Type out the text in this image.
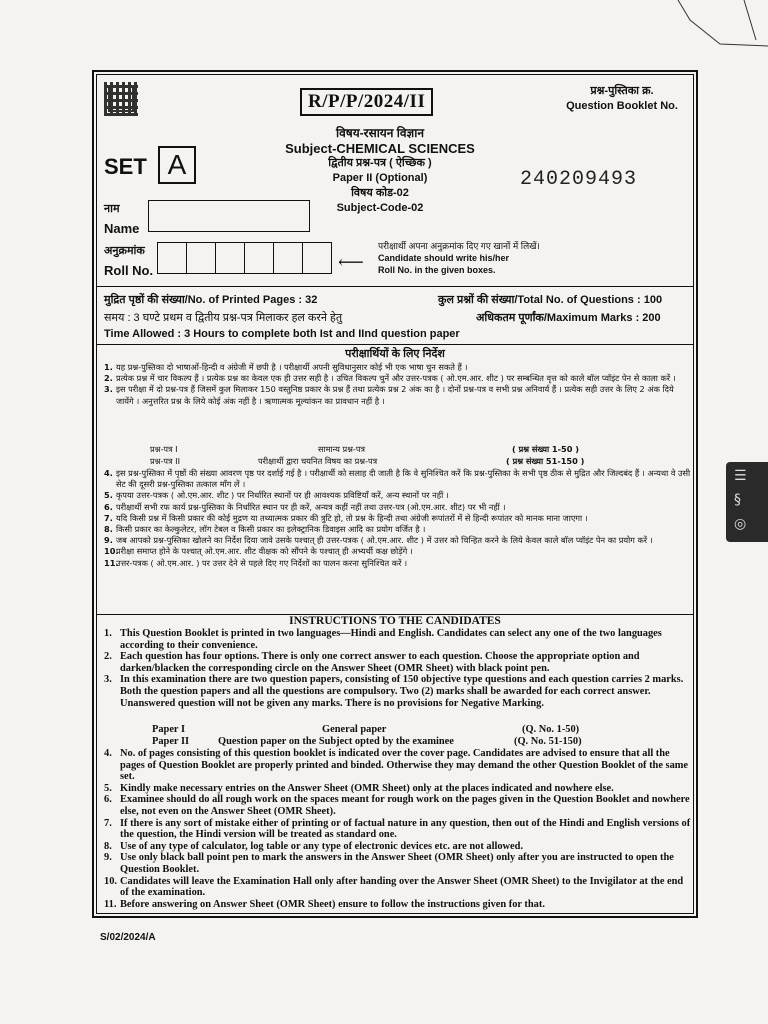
R/P/P/2024/II	प्रश्न-पुस्तिका क्र.
Question Booklet No.
विषय-रसायन विज्ञान
Subject-CHEMICAL SCIENCES
द्वितीय प्रश्न-पत्र ( ऐच्छिक )
Paper II (Optional)
विषय कोड-02
Subject-Code-02
SET A	240209493
नाम
Name
अनुक्रमांक
Roll No.	⟵
परीक्षार्थी अपना अनुक्रमांक दिए गए खानों में लिखें।
Candidate should write his/her
Roll No. in the given boxes.
मुद्रित पृष्ठों की संख्या/No. of Printed Pages : 32	कुल प्रश्नों की संख्या/Total No. of Questions : 100
समय : 3 घण्टे प्रथम व द्वितीय प्रश्न-पत्र मिलाकर हल करने हेतु	अधिकतम पूर्णांक/Maximum Marks : 200
Time Allowed : 3 Hours to complete both Ist and IInd question paper
परीक्षार्थियों के लिए निर्देश
1. यह प्रश्न-पुस्तिका दो भाषाओं-हिन्दी व अंग्रेजी में छपी है । परीक्षार्थी अपनी सुविधानुसार कोई भी एक भाषा चुन सकते हैं ।
2. प्रत्येक प्रश्न में चार विकल्प हैं । प्रत्येक प्रश्न का केवल एक ही उत्तर सही है । उचित विकल्प चुनें और उत्तर-पत्रक ( ओ.एम.आर. शीट ) पर सम्बन्धित वृत्त को काले बॉल प्वॉइंट पेन से काला करें ।
3. इस परीक्षा में दो प्रश्न-पत्र हैं जिसमें कुल मिलाकर 150 वस्तुनिष्ठ प्रकार के प्रश्न हैं तथा प्रत्येक प्रश्न 2 अंक का है । दोनों प्रश्न-पत्र व सभी प्रश्न अनिवार्य हैं । प्रत्येक सही उत्तर के लिए 2 अंक दिये जायेंगे । अनुत्तरित प्रश्न के लिये कोई अंक नहीं है । ऋणात्मक मूल्यांकन का प्रावधान नहीं है ।
प्रश्न-पत्र I	सामान्य प्रश्न-पत्र	( प्रश्न संख्या 1-50 )
प्रश्न-पत्र II	परीक्षार्थी द्वारा चयनित विषय का प्रश्न-पत्र	( प्रश्न संख्या 51-150 )
4. इस प्रश्न-पुस्तिका में पृष्ठों की संख्या आवरण पृष्ठ पर दर्शाई गई है । परीक्षार्थी को सलाह दी जाती है कि वे सुनिश्चित करें कि प्रश्न-पुस्तिका के सभी पृष्ठ ठीक से मुद्रित और जिल्दबंद हैं । अन्यथा वे उसी सेट की दूसरी प्रश्न-पुस्तिका तत्काल माँग लें ।
5. कृपया उत्तर-पत्रक ( ओ.एम.आर. शीट ) पर निर्धारित स्थानों पर ही आवश्यक प्रविष्टियाँ करें, अन्य स्थानों पर नहीं ।
6. परीक्षार्थी सभी रफ कार्य प्रश्न-पुस्तिका के निर्धारित स्थान पर ही करें, अन्यत्र कहीं नहीं तथा उत्तर-पत्र (ओ.एम.आर. शीट) पर भी नहीं ।
7. यदि किसी प्रश्न में किसी प्रकार की कोई मुद्रण या तथ्यात्मक प्रकार की त्रुटि हो, तो प्रश्न के हिन्दी तथा अंग्रेजी रूपांतरों में से हिन्दी रूपांतर को मानक माना जाएगा ।
8. किसी प्रकार का केल्कुलेटर, लॉग टेबल व किसी प्रकार का इलेक्ट्रानिक डिवाइस आदि का प्रयोग वर्जित है ।
9. जब आपको प्रश्न-पुस्तिका खोलने का निर्देश दिया जावे उसके पश्चात् ही उत्तर-पत्रक ( ओ.एम.आर. शीट ) में उत्तर को चिन्हित करने के लिये केवल काले बॉल प्वॉइंट पेन का प्रयोग करें ।
10.
परीक्षा समाप्त होने के पश्चात् ओ.एम.आर. शीट वीक्षक को सौंपने के पश्चात् ही अभ्यर्थी कक्ष छोड़ेंगे ।
11.
उत्तर-पत्रक ( ओ.एम.आर. ) पर उत्तर देने से पहले दिए गए निर्देशों का पालन करना सुनिश्चित करें ।
INSTRUCTIONS TO THE CANDIDATES
1. This Question Booklet is printed in two languages—Hindi and English. Candidates can select any one of the two languages according to their convenience.
2. Each question has four options. There is only one correct answer to each question. Choose the appropriate option and darken/blacken the corresponding circle on the Answer Sheet (OMR Sheet) with black point pen.
3. In this examination there are two question papers, consisting of 150 objective type questions and each question carries 2 marks. Both the question papers and all the questions are compulsory. Two (2) marks shall be awarded for each correct answer. Unanswered question will not be given any marks. There is no provisions for Negative Marking.
Paper I	General paper	(Q. No. 1-50)
Paper II	Question paper on the Subject opted by the examinee	(Q. No. 51-150)
4. No. of pages consisting of this question booklet is indicated over the cover page. Candidates are advised to ensure that all the pages of Question Booklet are properly printed and binded. Otherwise they may demand the other Question Booklet of the same set.
5. Kindly make necessary entries on the Answer Sheet (OMR Sheet) only at the places indicated and nowhere else.
6. Examinee should do all rough work on the spaces meant for rough work on the pages given in the Question Booklet and nowhere else, not even on the Answer Sheet (OMR Sheet).
7. If there is any sort of mistake either of printing or of factual nature in any question, then out of the Hindi and English versions of the question, the Hindi version will be treated as standard one.
8. Use of any type of calculator, log table or any type of electronic devices etc. are not allowed.
9. Use only black ball point pen to mark the answers in the Answer Sheet (OMR Sheet) only after you are instructed to open the Question Booklet.
10. Candidates will leave the Examination Hall only after handing over the Answer Sheet (OMR Sheet) to the Invigilator at the end of the examination.
11. Before answering on Answer Sheet (OMR Sheet) ensure to follow the instructions given for that.
S/02/2024/A
☰
§
◎
